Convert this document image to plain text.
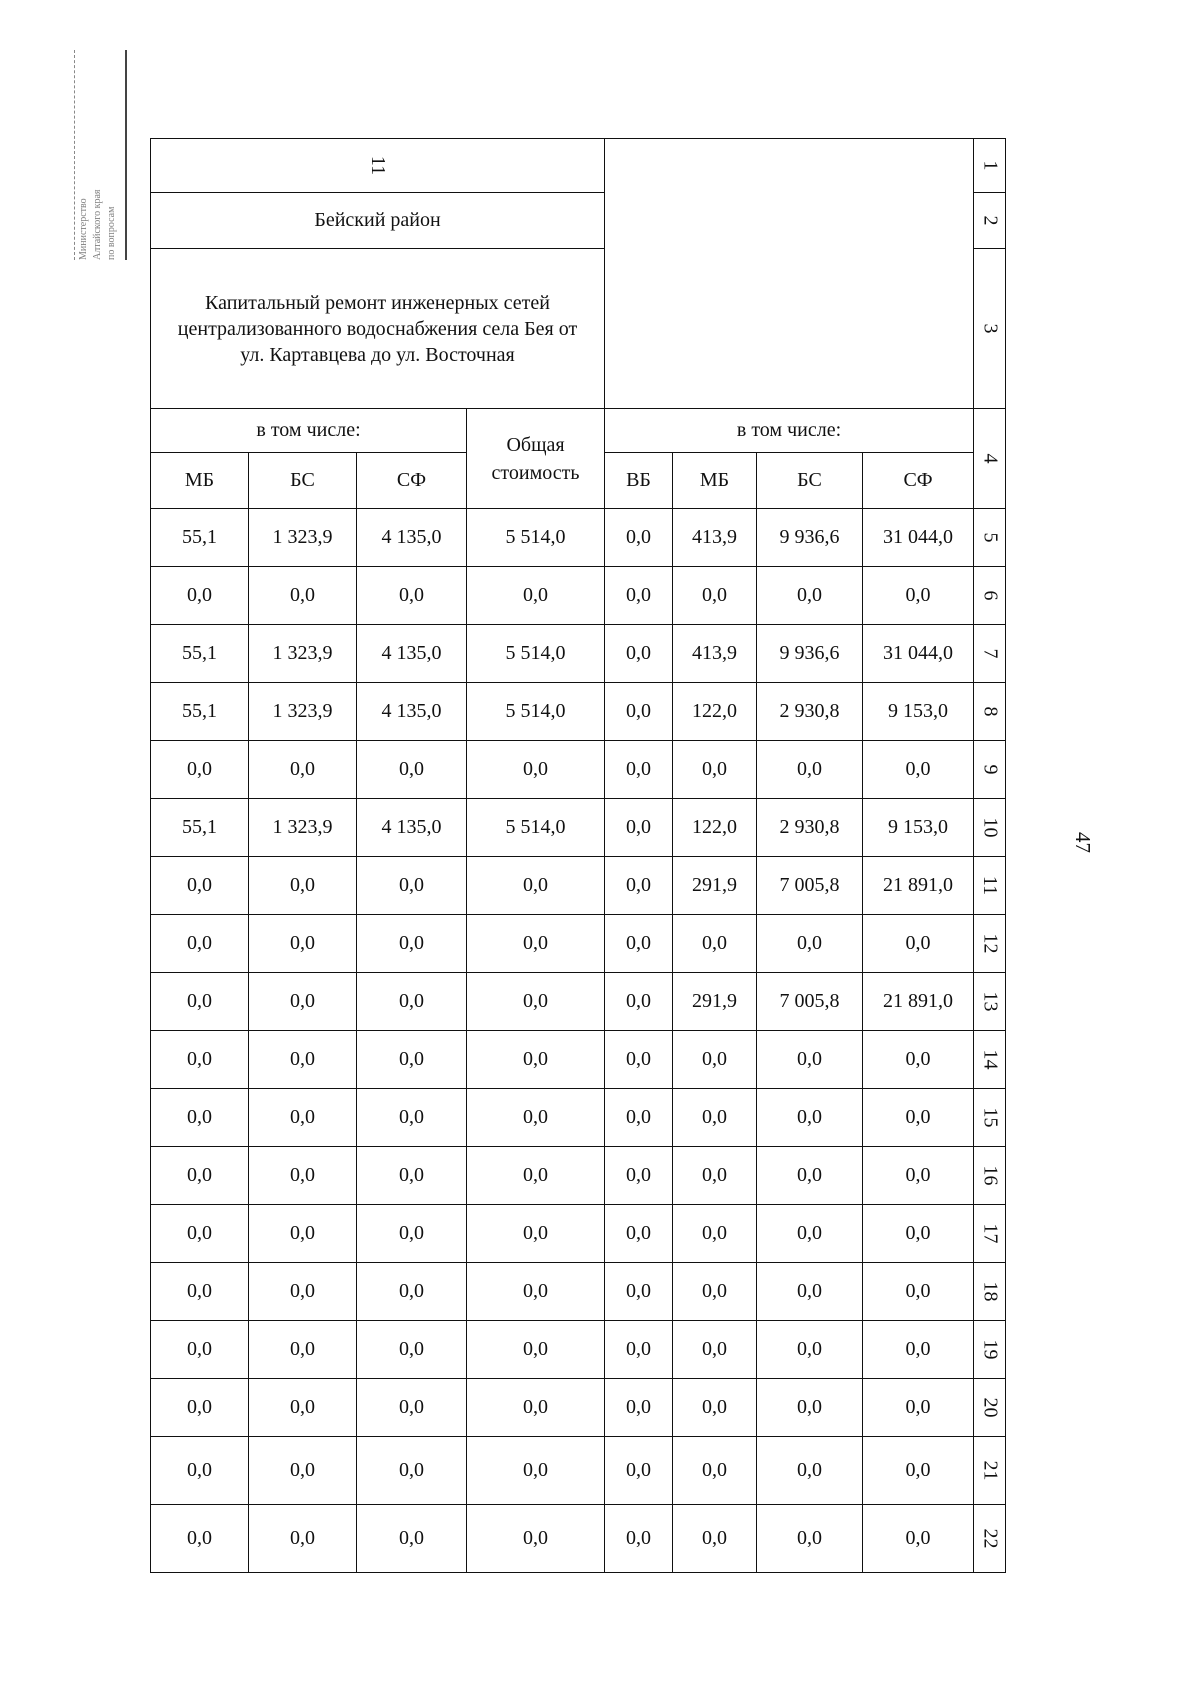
Министерство Алтайского края по вопросам
47
11								1
Бейский район								2
Капитальный ремонт инженерных сетей централизованного водоснабжения села Бея от ул. Картавцева до ул. Восточная								3
в том числе:			Общая стоимость	в том числе:				4
МБ	БС	СФ		ВБ	МБ	БС	СФ	
55,1	1 323,9	4 135,0	5 514,0	0,0	413,9	9 936,6	31 044,0	5
0,0	0,0	0,0	0,0	0,0	0,0	0,0	0,0	6
55,1	1 323,9	4 135,0	5 514,0	0,0	413,9	9 936,6	31 044,0	7
55,1	1 323,9	4 135,0	5 514,0	0,0	122,0	2 930,8	9 153,0	8
0,0	0,0	0,0	0,0	0,0	0,0	0,0	0,0	9
55,1	1 323,9	4 135,0	5 514,0	0,0	122,0	2 930,8	9 153,0	10
0,0	0,0	0,0	0,0	0,0	291,9	7 005,8	21 891,0	11
0,0	0,0	0,0	0,0	0,0	0,0	0,0	0,0	12
0,0	0,0	0,0	0,0	0,0	291,9	7 005,8	21 891,0	13
0,0	0,0	0,0	0,0	0,0	0,0	0,0	0,0	14
0,0	0,0	0,0	0,0	0,0	0,0	0,0	0,0	15
0,0	0,0	0,0	0,0	0,0	0,0	0,0	0,0	16
0,0	0,0	0,0	0,0	0,0	0,0	0,0	0,0	17
0,0	0,0	0,0	0,0	0,0	0,0	0,0	0,0	18
0,0	0,0	0,0	0,0	0,0	0,0	0,0	0,0	19
0,0	0,0	0,0	0,0	0,0	0,0	0,0	0,0	20
0,0	0,0	0,0	0,0	0,0	0,0	0,0	0,0	21
0,0	0,0	0,0	0,0	0,0	0,0	0,0	0,0	22
